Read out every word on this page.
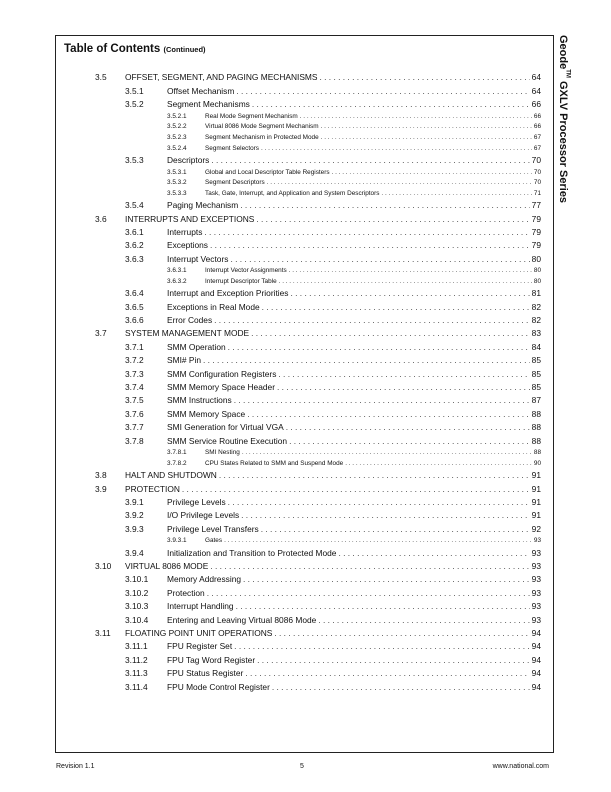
Table of Contents (Continued)
3.5 OFFSET, SEGMENT, AND PAGING MECHANISMS . . .	64
3.5.1	Offset Mechanism . . .	64
3.5.2	Segment Mechanisms . . .	66
3.5.2.1	Real Mode Segment Mechanism . . .	66
3.5.2.2	Virtual 8086 Mode Segment Mechanism . . .	66
3.5.2.3	Segment Mechanism in Protected Mode . . .	67
3.5.2.4	Segment Selectors . . .	67
3.5.3	Descriptors . . .	70
3.5.3.1	Global and Local Descriptor Table Registers . . .	70
3.5.3.2	Segment Descriptors . . .	70
3.5.3.3	Task, Gate, Interrupt, and Application and System Descriptors . . .	71
3.5.4	Paging Mechanism . . .	77
3.6 INTERRUPTS AND EXCEPTIONS . . .	79
3.6.1	Interrupts . . .	79
3.6.2	Exceptions . . .	79
3.6.3	Interrupt Vectors . . .	80
3.6.3.1	Interrupt Vector Assignments . . .	80
3.6.3.2	Interrupt Descriptor Table . . .	80
3.6.4	Interrupt and Exception Priorities . . .	81
3.6.5	Exceptions in Real Mode . . .	82
3.6.6	Error Codes . . .	82
3.7 SYSTEM MANAGEMENT MODE . . .	83
3.7.1	SMM Operation . . .	84
3.7.2	SMI# Pin . . .	85
3.7.3	SMM Configuration Registers . . .	85
3.7.4	SMM Memory Space Header . . .	85
3.7.5	SMM Instructions . . .	87
3.7.6	SMM Memory Space . . .	88
3.7.7	SMI Generation for Virtual VGA . . .	88
3.7.8	SMM Service Routine Execution . . .	88
3.7.8.1	SMI Nesting . . .	88
3.7.8.2	CPU States Related to SMM and Suspend Mode . . .	90
3.8 HALT AND SHUTDOWN . . .	91
3.9 PROTECTION . . .	91
3.9.1	Privilege Levels . . .	91
3.9.2	I/O Privilege Levels . . .	91
3.9.3	Privilege Level Transfers . . .	92
3.9.3.1	Gates . . .	93
3.9.4	Initialization and Transition to Protected Mode . . .	93
3.10 VIRTUAL 8086 MODE . . .	93
3.10.1 Memory Addressing . . .	93
3.10.2 Protection . . .	93
3.10.3 Interrupt Handling . . .	93
3.10.4 Entering and Leaving Virtual 8086 Mode . . .	93
3.11 FLOATING POINT UNIT OPERATIONS . . .	94
3.11.1 FPU Register Set . . .	94
3.11.2 FPU Tag Word Register . . .	94
3.11.3 FPU Status Register . . .	94
3.11.4 FPU Mode Control Register . . .	94
Geode™ GXLV Processor Series
Revision 1.1	5	www.national.com
